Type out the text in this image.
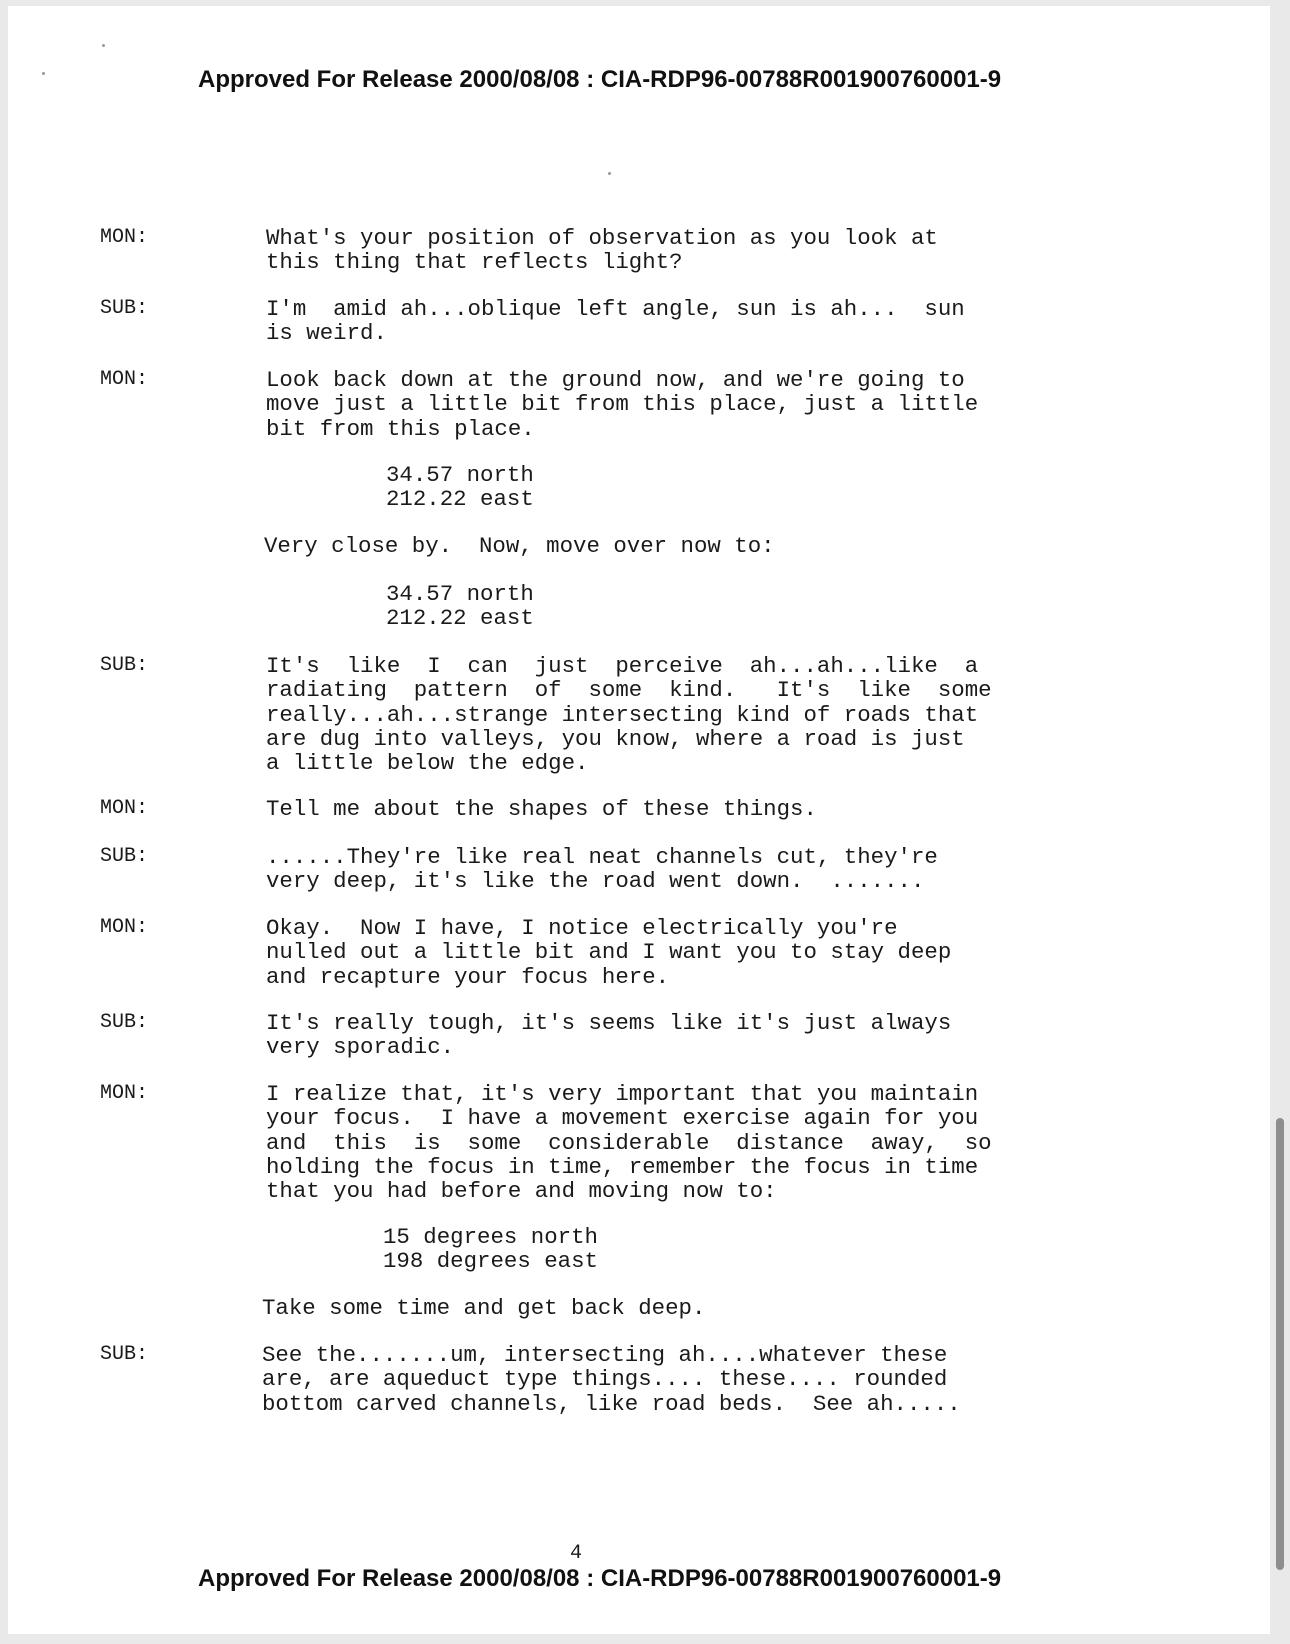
Approved For Release 2000/08/08 : CIA-RDP96-00788R001900760001-9
MON:	What's your position of observation as you look at
this thing that reflects light?
SUB:	I'm  amid ah...oblique left angle, sun is ah...  sun
is weird.
MON:	Look back down at the ground now, and we're going to
move just a little bit from this place, just a little
bit from this place.
34.57 north
212.22 east
Very close by.  Now, move over now to:
34.57 north
212.22 east
SUB:	It's  like  I  can  just  perceive  ah...ah...like  a
radiating  pattern  of  some  kind.   It's  like  some
really...ah...strange intersecting kind of roads that
are dug into valleys, you know, where a road is just
a little below the edge.
MON:	Tell me about the shapes of these things.
SUB:	......They're like real neat channels cut, they're
very deep, it's like the road went down.  .......
MON:	Okay.  Now I have, I notice electrically you're
nulled out a little bit and I want you to stay deep
and recapture your focus here.
SUB:	It's really tough, it's seems like it's just always
very sporadic.
MON:	I realize that, it's very important that you maintain
your focus.  I have a movement exercise again for you
and  this  is  some  considerable  distance  away,  so
holding the focus in time, remember the focus in time
that you had before and moving now to:
15 degrees north
198 degrees east
Take some time and get back deep.
SUB:	See the.......um, intersecting ah....whatever these
are, are aqueduct type things.... these.... rounded
bottom carved channels, like road beds.  See ah.....
4
Approved For Release 2000/08/08 : CIA-RDP96-00788R001900760001-9
